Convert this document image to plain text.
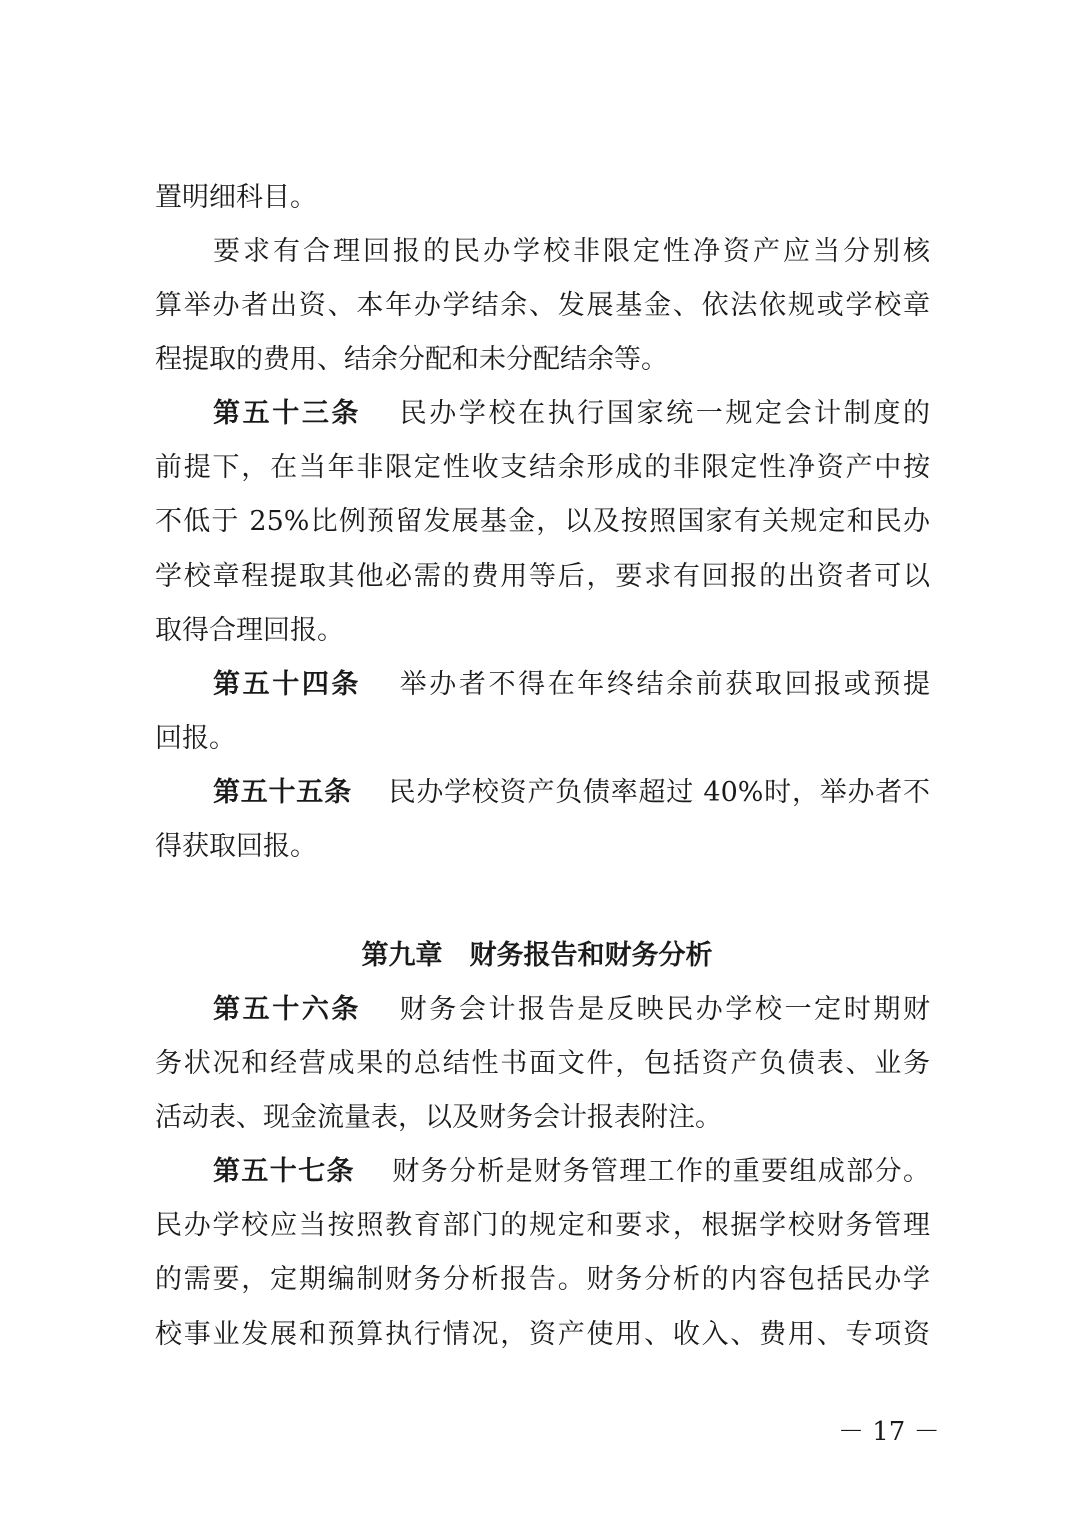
置明细科目。
要求有合理回报的民办学校非限定性净资产应当分别核
算举办者出资、本年办学结余、发展基金、依法依规或学校章
程提取的费用、结余分配和未分配结余等。
第五十三条 民办学校在执行国家统一规定会计制度的
前提下，在当年非限定性收支结余形成的非限定性净资产中按
不低于 25%比例预留发展基金，以及按照国家有关规定和民办
学校章程提取其他必需的费用等后，要求有回报的出资者可以
取得合理回报。
第五十四条 举办者不得在年终结余前获取回报或预提
回报。
第五十五条 民办学校资产负债率超过 40%时，举办者不
得获取回报。
第九章　财务报告和财务分析
第五十六条 财务会计报告是反映民办学校一定时期财
务状况和经营成果的总结性书面文件，包括资产负债表、业务
活动表、现金流量表，以及财务会计报表附注。
第五十七条 财务分析是财务管理工作的重要组成部分。
民办学校应当按照教育部门的规定和要求，根据学校财务管理
的需要，定期编制财务分析报告。财务分析的内容包括民办学
校事业发展和预算执行情况，资产使用、收入、费用、专项资
－ 17 －
